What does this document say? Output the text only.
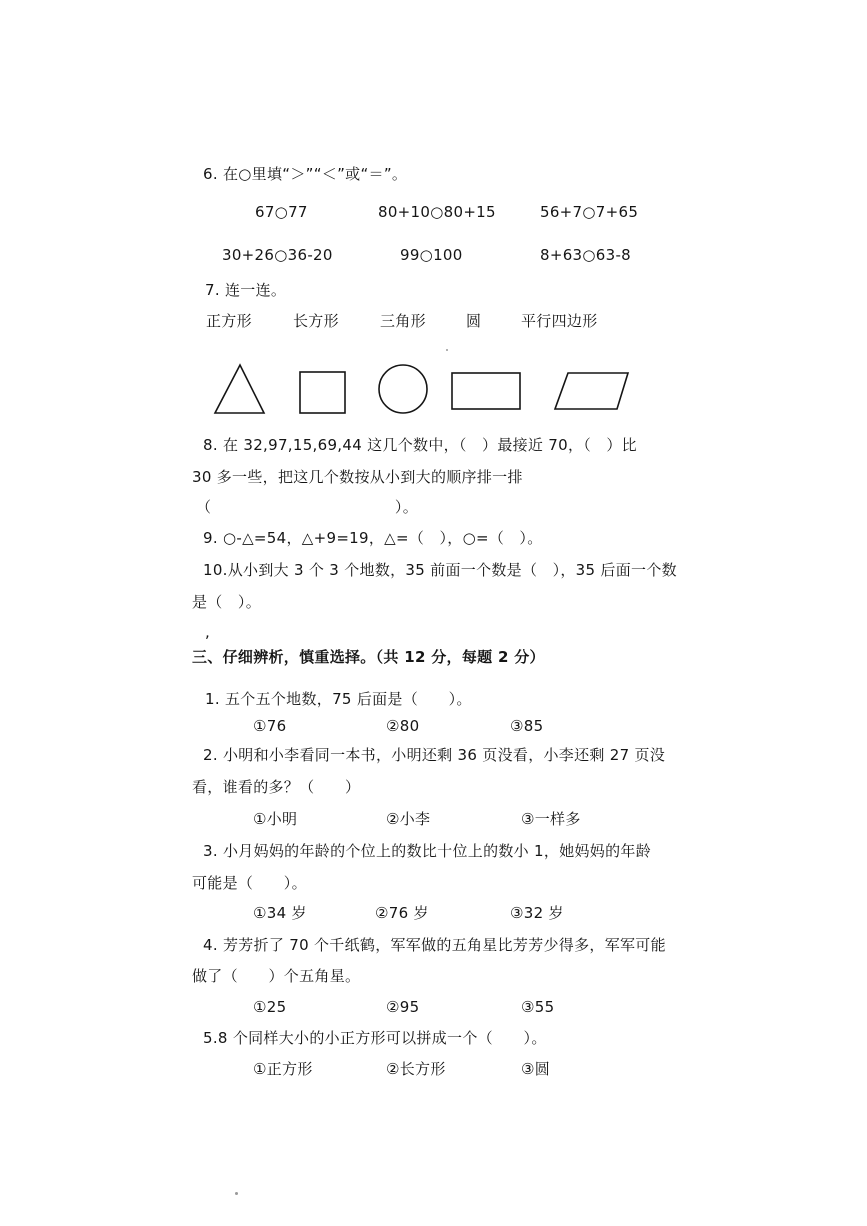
6. 在○里填“＞”“＜”或“＝”。
67○77	80+10○80+15	56+7○7+65
30+26○36-20	99○100	8+63○63-8
7. 连一连。
正方形	长方形	三角形	圆	平行四边形
8. 在 32,97,15,69,44 这几个数中，（　）最接近 70，（　）比
30 多一些，把这几个数按从小到大的顺序排一排
（　　　　　　　　　　　　）。
9. ○-△=54，△+9=19，△=（　），○=（　）。
10.从小到大 3 个 3 个地数，35 前面一个数是（　），35 后面一个数
是（　）。
,
三、仔细辨析，慎重选择。（共 12 分，每题 2 分）
1. 五个五个地数，75 后面是（　　）。
①76	②80	③85
2. 小明和小李看同一本书，小明还剩 36 页没看，小李还剩 27 页没
看，谁看的多？（　　）
①小明	②小李	③一样多
3. 小月妈妈的年龄的个位上的数比十位上的数小 1，她妈妈的年龄
可能是（　　）。
①34 岁	②76 岁	③32 岁
4. 芳芳折了 70 个千纸鹤，军军做的五角星比芳芳少得多，军军可能
做了（　　）个五角星。
①25	②95	③55
5.8 个同样大小的小正方形可以拼成一个（　　）。
①正方形	②长方形	③圆
